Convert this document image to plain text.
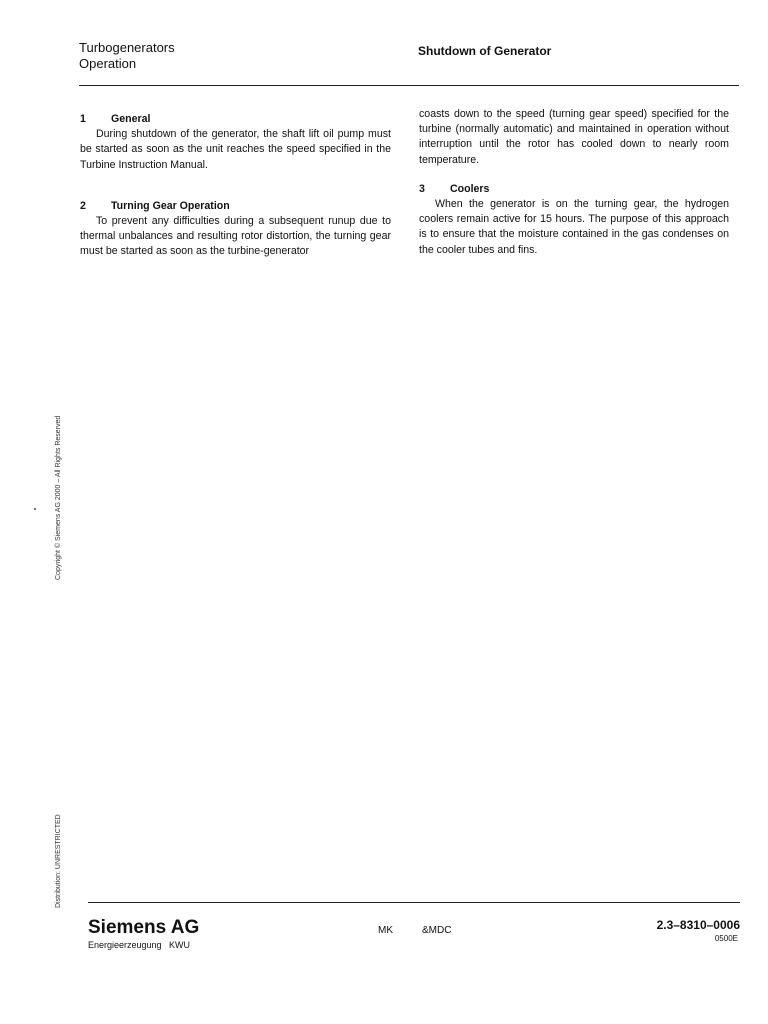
Turbogenerators
Operation
Shutdown of Generator
1	General

During shutdown of the generator, the shaft lift oil pump must be started as soon as the unit reaches the speed specified in the Turbine Instruction Manual.

2	Turning Gear Operation

To prevent any difficulties during a subsequent runup due to thermal unbalances and resulting rotor distortion, the turning gear must be started as soon as the turbine-generator

coasts down to the speed (turning gear speed) specified for the turbine (normally automatic) and maintained in operation without interruption until the rotor has cooled down to nearly room temperature.

3	Coolers

When the generator is on the turning gear, the hydrogen coolers remain active for 15 hours. The purpose of this approach is to ensure that the moisture contained in the gas condenses on the cooler tubes and fins.

Copyright © Siemens AG 2000 – All Rights Reserved
Distribution: UNRESTRICTED
Siemens AG
Energieerzeugung   KWU
MK	&MDC	2.3–8310–0006
0500E
